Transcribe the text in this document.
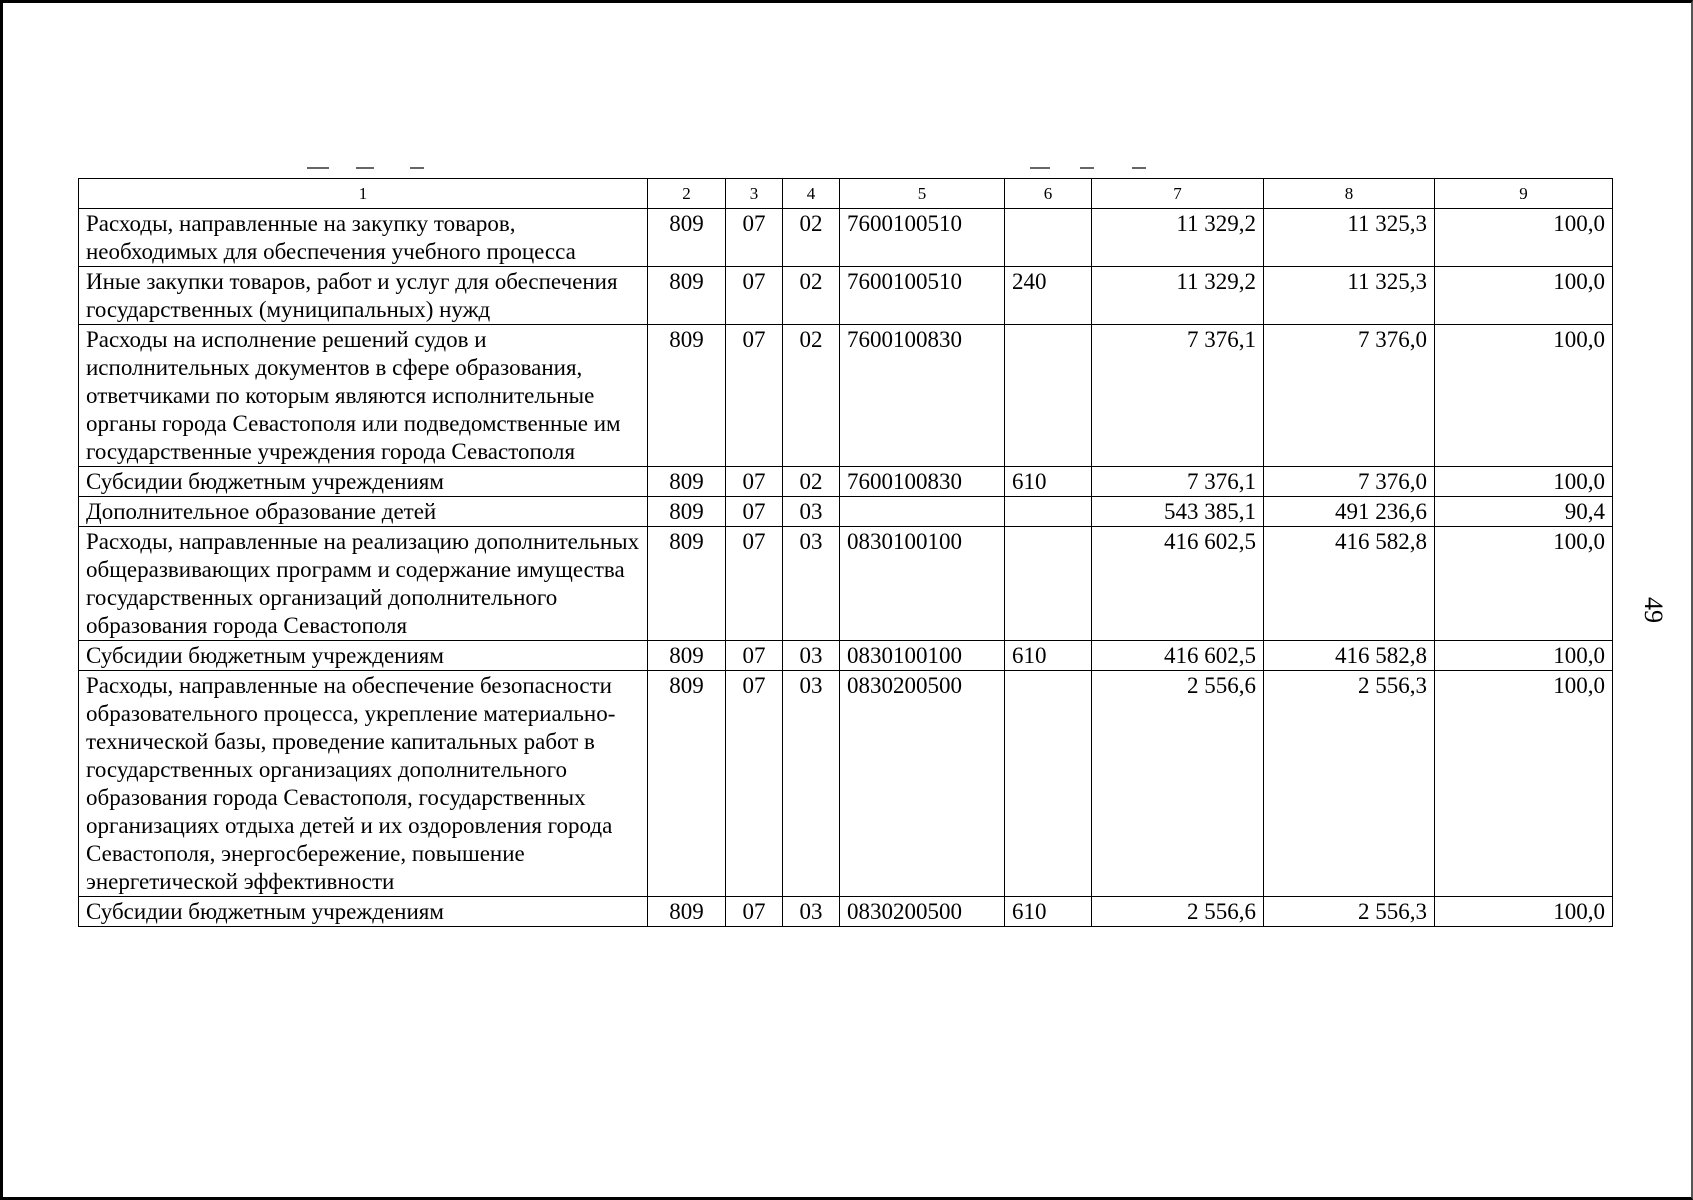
1	2	3	4	5	6	7	8	9
Расходы, направленные на закупку товаров, необходимых для обеспечения учебного процесса	809	07	02	7600100510		11 329,2	11 325,3	100,0
Иные закупки товаров, работ и услуг для обеспечения государственных (муниципальных) нужд	809	07	02	7600100510	240	11 329,2	11 325,3	100,0
Расходы на исполнение решений судов и исполнительных документов в сфере образования, ответчиками по которым являются исполнительные органы города Севастополя или подведомственные им государственные учреждения города Севастополя	809	07	02	7600100830		7 376,1	7 376,0	100,0
Субсидии бюджетным учреждениям	809	07	02	7600100830	610	7 376,1	7 376,0	100,0
Дополнительное образование детей	809	07	03			543 385,1	491 236,6	90,4
Расходы, направленные на реализацию дополнительных общеразвивающих программ и содержание имущества государственных организаций дополнительного образования города Севастополя	809	07	03	0830100100		416 602,5	416 582,8	100,0
Субсидии бюджетным учреждениям	809	07	03	0830100100	610	416 602,5	416 582,8	100,0
Расходы, направленные на обеспечение безопасности образовательного процесса, укрепление материально-технической базы, проведение капитальных работ в государственных организациях дополнительного образования города Севастополя, государственных организациях отдыха детей и их оздоровления города Севастополя, энергосбережение, повышение энергетической эффективности	809	07	03	0830200500		2 556,6	2 556,3	100,0
Субсидии бюджетным учреждениям	809	07	03	0830200500	610	2 556,6	2 556,3	100,0
49
